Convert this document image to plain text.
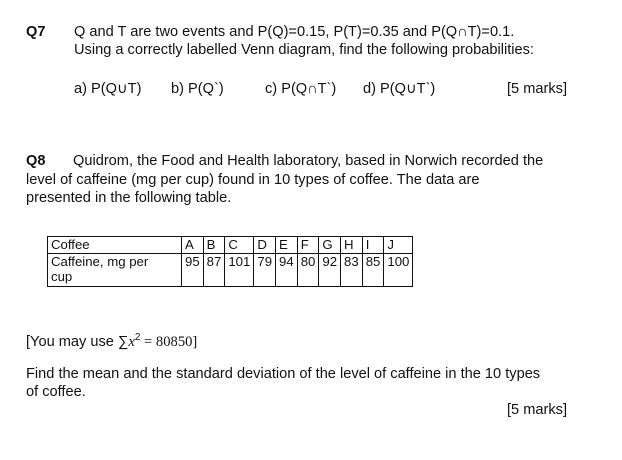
Q7 Q and T are two events and P(Q)=0.15, P(T)=0.35 and P(Q∩T)=0.1.
Using a correctly labelled Venn diagram, find the following probabilities:
a) P(Q∪T) b) P(Q`)	c) P(Q∩T`) d) P(Q∪T`)	[5 marks]
Q8 Quidrom, the Food and Health laboratory, based in Norwich recorded the
level of caffeine (mg per cup) found in 10 types of coffee. The data are
presented in the following table.
Coffee	A	B	C	D	E	F	G	H	I	J
Caffeine, mg per
cup	95	87	101	79	94	80	92	83	85	100
[You may use $\sum x^2 = 80850$]
Find the mean and the standard deviation of the level of caffeine in the 10 types
of coffee.
[5 marks]
